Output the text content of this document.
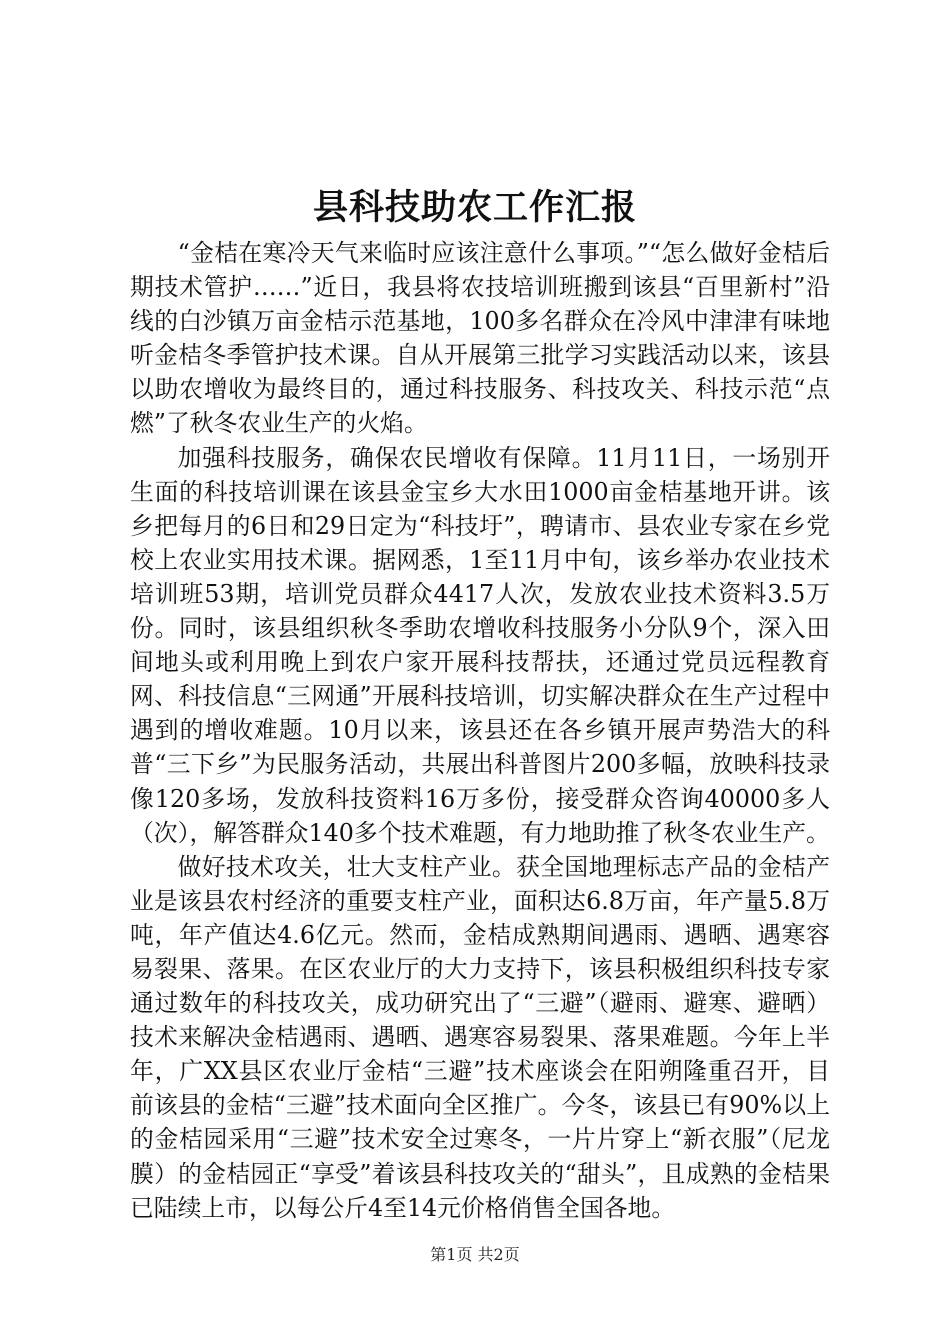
县科技助农工作汇报

“金桔在寒冷天气来临时应该注意什么事项。”“怎么做好金桔后期技术管护……”近日，我县将农技培训班搬到该县“百里新村”沿线的白沙镇万亩金桔示范基地，100多名群众在冷风中津津有味地听金桔冬季管护技术课。自从开展第三批学习实践活动以来，该县以助农增收为最终目的，通过科技服务、科技攻关、科技示范“点燃”了秋冬农业生产的火焰。

加强科技服务，确保农民增收有保障。11月11日，一场别开生面的科技培训课在该县金宝乡大水田1000亩金桔基地开讲。该乡把每月的6日和29日定为“科技圩”，聘请市、县农业专家在乡党校上农业实用技术课。据网悉，1至11月中旬，该乡举办农业技术培训班53期，培训党员群众4417人次，发放农业技术资料3.5万份。同时，该县组织秋冬季助农增收科技服务小分队9个，深入田间地头或利用晚上到农户家开展科技帮扶，还通过党员远程教育网、科技信息“三网通”开展科技培训，切实解决群众在生产过程中遇到的增收难题。10月以来，该县还在各乡镇开展声势浩大的科普“三下乡”为民服务活动，共展出科普图片200多幅，放映科技录像120多场，发放科技资料16万多份，接受群众咨询40000多人（次），解答群众140多个技术难题，有力地助推了秋冬农业生产。

做好技术攻关，壮大支柱产业。获全国地理标志产品的金桔产业是该县农村经济的重要支柱产业，面积达6.8万亩，年产量5.8万吨，年产值达4.6亿元。然而，金桔成熟期间遇雨、遇晒、遇寒容易裂果、落果。在区农业厅的大力支持下，该县积极组织科技专家通过数年的科技攻关，成功研究出了“三避”（避雨、避寒、避晒）技术来解决金桔遇雨、遇晒、遇寒容易裂果、落果难题。今年上半年，广XX县区农业厅金桔“三避”技术座谈会在阳朔隆重召开，目前该县的金桔“三避”技术面向全区推广。今冬，该县已有90%以上的金桔园采用“三避”技术安全过寒冬，一片片穿上“新衣服”（尼龙膜）的金桔园正“享受”着该县科技攻关的“甜头”，且成熟的金桔果已陆续上市，以每公斤4至14元价格俏售全国各地。

第1页 共2页
